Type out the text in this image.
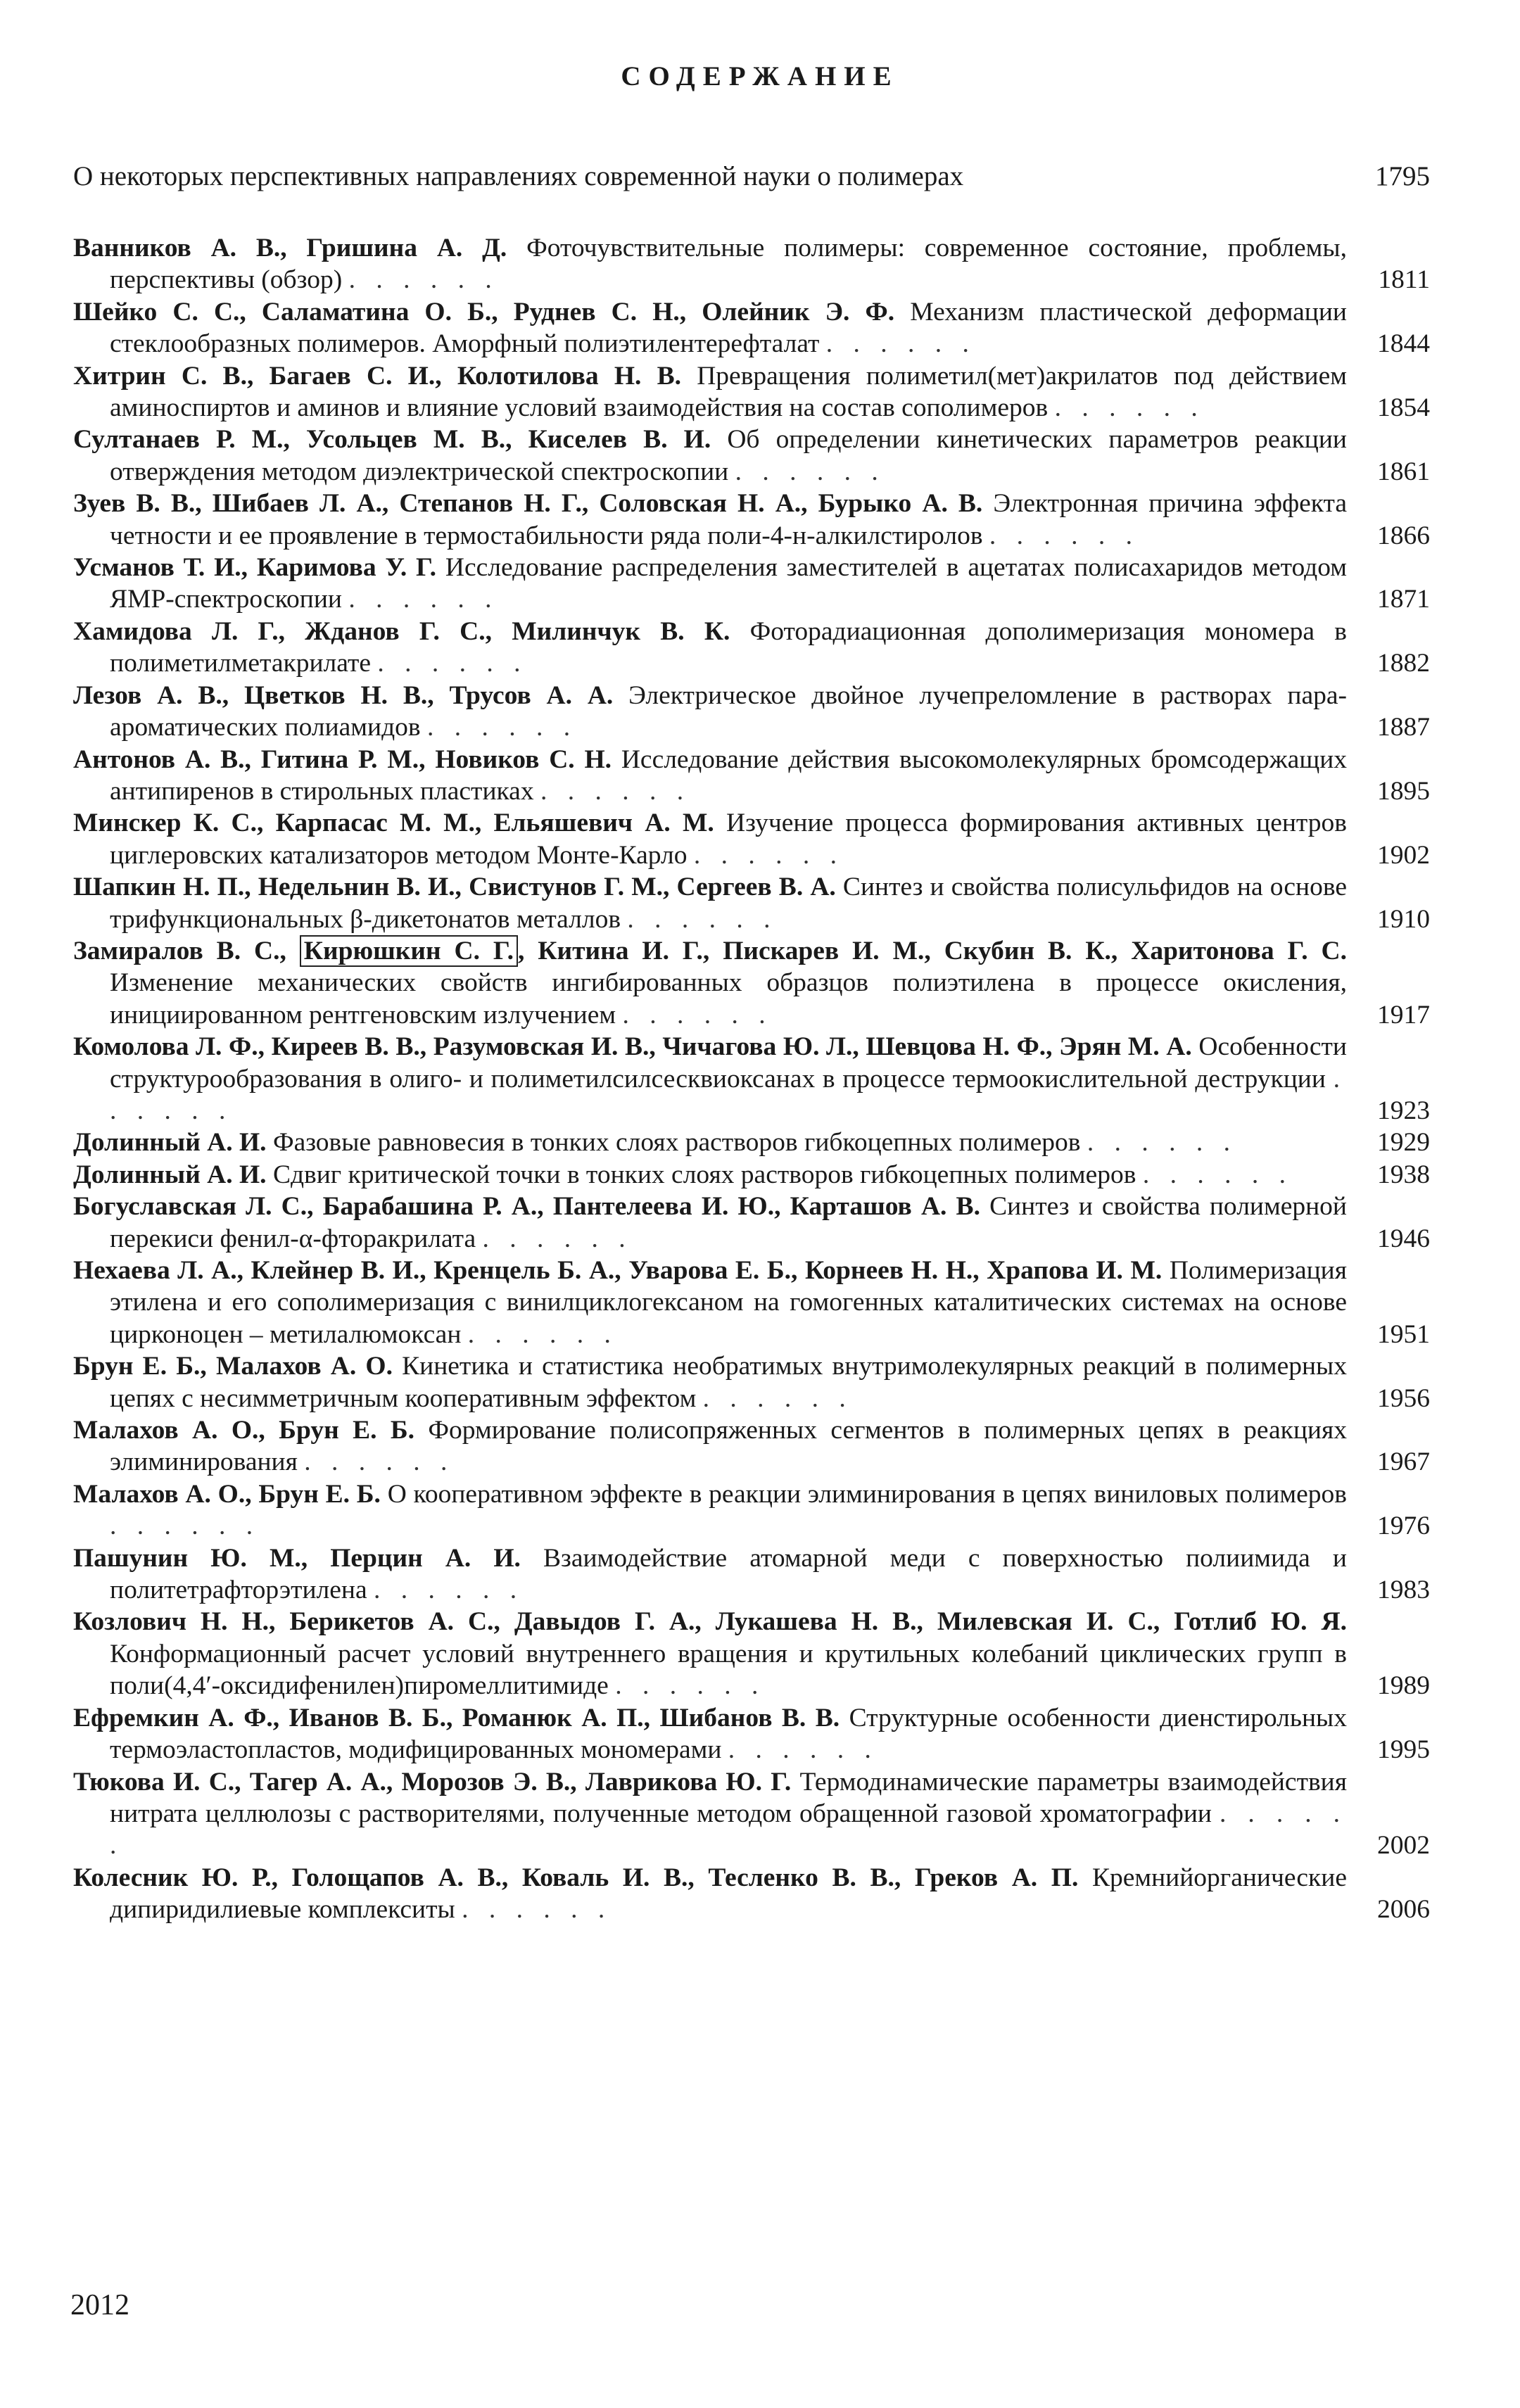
СОДЕРЖАНИЕ
О некоторых перспективных направлениях современной науки о полимерах	1795
Ванников А. В., Гришина А. Д. Фоточувствительные полимеры: современное состояние, проблемы, перспективы (обзор) . . . . . .	1811
Шейко С. С., Саламатина О. Б., Руднев С. Н., Олейник Э. Ф. Механизм пластической деформации стеклообразных полимеров. Аморфный полиэтилентерефталат . . . . . .	1844
Хитрин С. В., Багаев С. И., Колотилова Н. В. Превращения полиметил(мет)акрилатов под действием аминоспиртов и аминов и влияние условий взаимодействия на состав сополимеров . . . . . .	1854
Султанаев Р. М., Усольцев М. В., Киселев В. И. Об определении кинетических параметров реакции отверждения методом диэлектрической спектроскопии . . . . . .	1861
Зуев В. В., Шибаев Л. А., Степанов Н. Г., Соловская Н. А., Бурыко А. В. Электронная причина эффекта четности и ее проявление в термостабильности ряда поли-4-н-алкилстиролов . . . . . .	1866
Усманов Т. И., Каримова У. Г. Исследование распределения заместителей в ацетатах полисахаридов методом ЯМР-спектроскопии . . . . . .	1871
Хамидова Л. Г., Жданов Г. С., Милинчук В. К. Фоторадиационная дополимеризация мономера в полиметилметакрилате . . . . . .	1882
Лезов А. В., Цветков Н. В., Трусов А. А. Электрическое двойное лучепреломление в растворах пара-ароматических полиамидов . . . . . .	1887
Антонов А. В., Гитина Р. М., Новиков С. Н. Исследование действия высокомолекулярных бромсодержащих антипиренов в стирольных пластиках . . . . . .	1895
Минскер К. С., Карпасас М. М., Ельяшевич А. М. Изучение процесса формирования активных центров циглеровских катализаторов методом Монте-Карло . . . . . .	1902
Шапкин Н. П., Недельнин В. И., Свистунов Г. М., Сергеев В. А. Синтез и свойства полисульфидов на основе трифункциональных β-дикетонатов металлов . . . . . .	1910
Замиралов В. С., Кирюшкин С. Г. , Китина И. Г., Пискарев И. М., Скубин В. К., Харитонова Г. С. Изменение механических свойств ингибированных образцов полиэтилена в процессе окисления, инициированном рентгеновским излучением . . . . . .	1917
Комолова Л. Ф., Киреев В. В., Разумовская И. В., Чичагова Ю. Л., Шевцова Н. Ф., Эрян М. А. Особенности структурообразования в олиго- и полиметилсилсесквиоксанах в процессе термоокислительной деструкции . . . . . .	1923
Долинный А. И. Фазовые равновесия в тонких слоях растворов гибкоцепных полимеров . . . . . .	1929
Долинный А. И. Сдвиг критической точки в тонких слоях растворов гибкоцепных полимеров . . . . . .	1938
Богуславская Л. С., Барабашина Р. А., Пантелеева И. Ю., Карташов А. В. Синтез и свойства полимерной перекиси фенил-α-фторакрилата . . . . . .	1946
Нехаева Л. А., Клейнер В. И., Кренцель Б. А., Уварова Е. Б., Корнеев Н. Н., Храпова И. М. Полимеризация этилена и его сополимеризация с винилциклогексаном на гомогенных каталитических системах на основе цирконоцен – метилалюмоксан . . . . . .	1951
Брун Е. Б., Малахов А. О. Кинетика и статистика необратимых внутримолекулярных реакций в полимерных цепях с несимметричным кооперативным эффектом . . . . . .	1956
Малахов А. О., Брун Е. Б. Формирование полисопряженных сегментов в полимерных цепях в реакциях элиминирования . . . . . .	1967
Малахов А. О., Брун Е. Б. О кооперативном эффекте в реакции элиминирования в цепях виниловых полимеров . . . . . .	1976
Пашунин Ю. М., Перцин А. И. Взаимодействие атомарной меди с поверхностью полиимида и политетрафторэтилена . . . . . .	1983
Козлович Н. Н., Берикетов А. С., Давыдов Г. А., Лукашева Н. В., Милевская И. С., Готлиб Ю. Я. Конформационный расчет условий внутреннего вращения и крутильных колебаний циклических групп в поли(4,4′-оксидифенилен)пиромеллитимиде . . . . . .	1989
Ефремкин А. Ф., Иванов В. Б., Романюк А. П., Шибанов В. В. Структурные особенности диенстирольных термоэластопластов, модифицированных мономерами . . . . . .	1995
Тюкова И. С., Тагер А. А., Морозов Э. В., Лаврикова Ю. Г. Термодинамические параметры взаимодействия нитрата целлюлозы с растворителями, полученные методом обращенной газовой хроматографии . . . . . .	2002
Колесник Ю. Р., Голощапов А. В., Коваль И. В., Тесленко В. В., Греков А. П. Кремнийорганические дипиридилиевые комплекситы . . . . . .	2006
2012
